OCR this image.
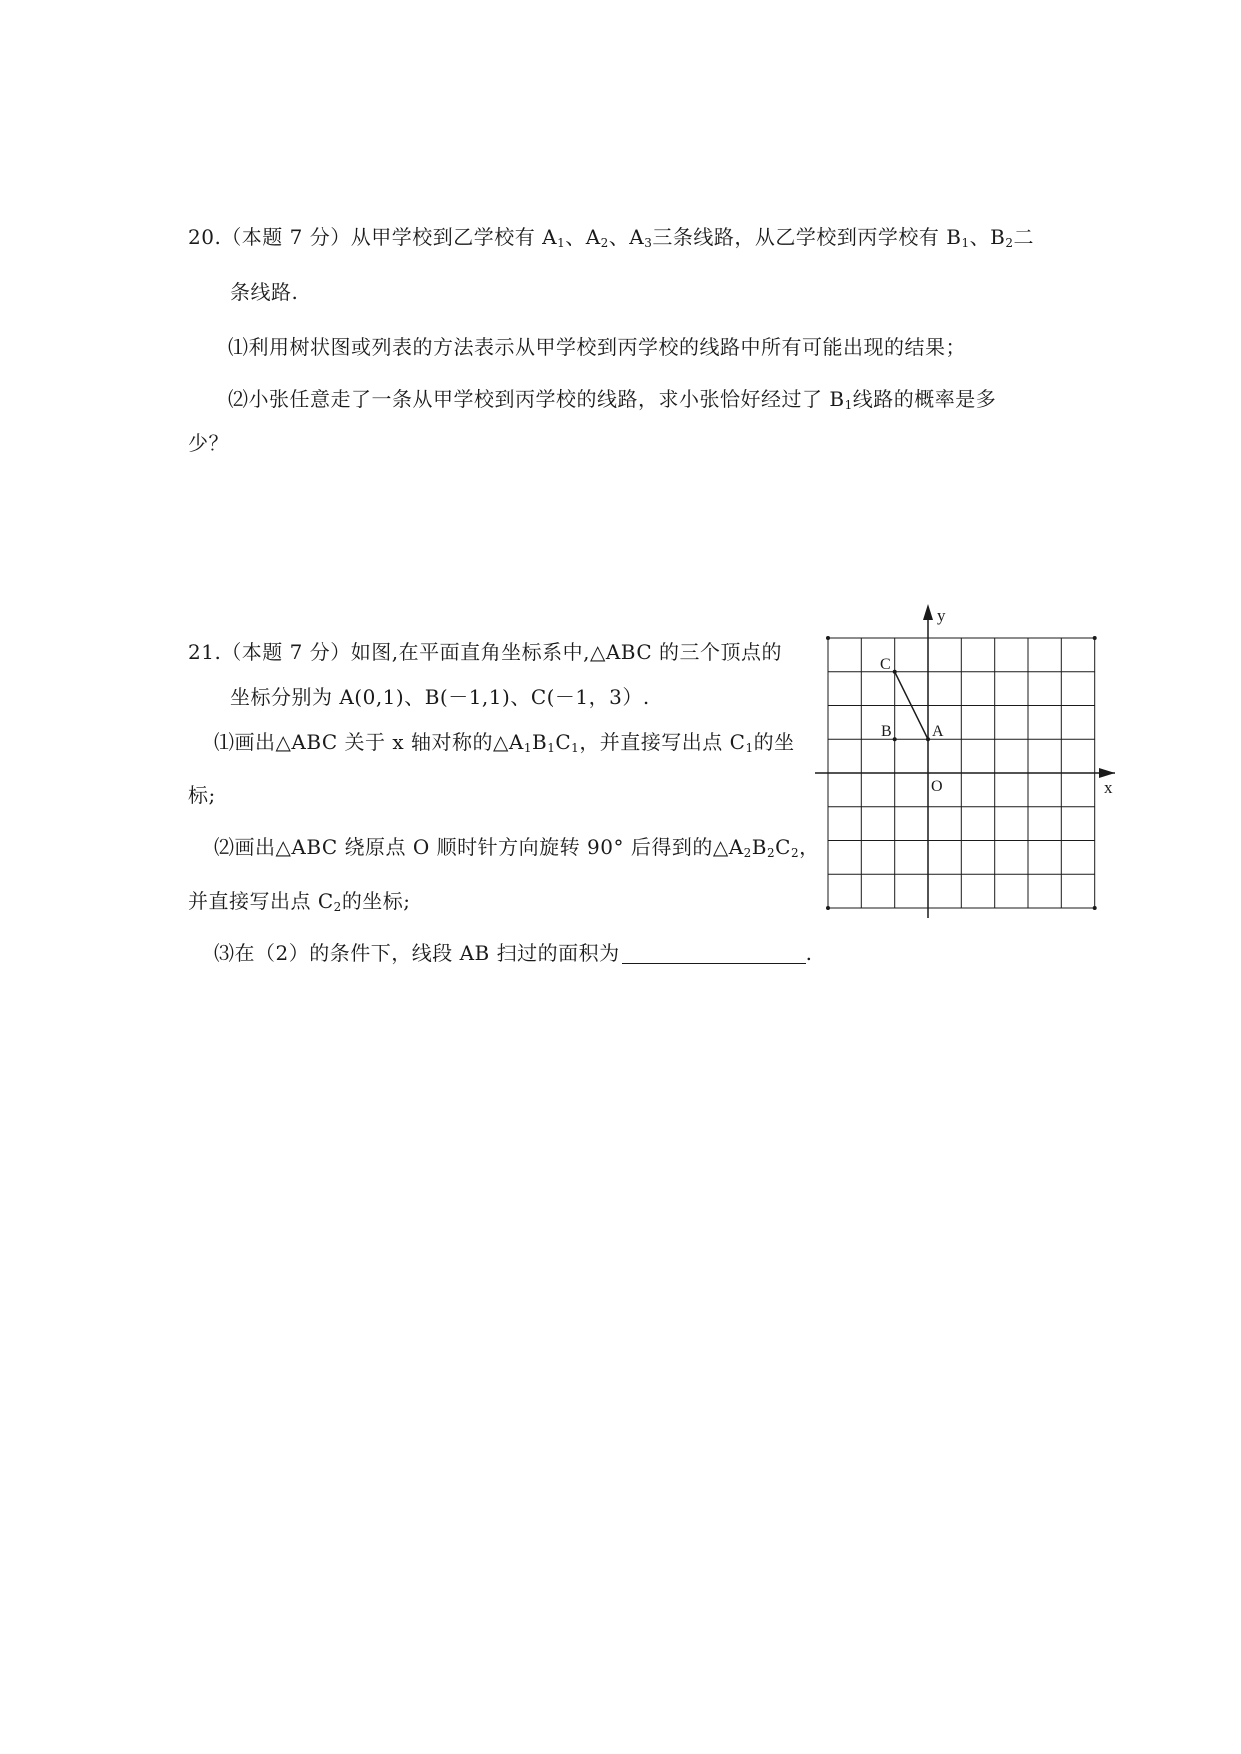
20.（本题 7 分）从甲学校到乙学校有 $A_1$、$A_2$、$A_3$三条线路，从乙学校到丙学校有 $B_1$、$B_2$二
条线路.
⑴利用树状图或列表的方法表示从甲学校到丙学校的线路中所有可能出现的结果；
⑵小张任意走了一条从甲学校到丙学校的线路，求小张恰好经过了 $B_1$线路的概率是多
少？
21.（本题 7 分）如图,在平面直角坐标系中,△ABC 的三个顶点的
坐标分别为 A(0,1)、B(－1,1)、C(－1，3）.
⑴画出△ABC 关于 x 轴对称的$\triangle A_1B_1C_1$，并直接写出点 $C_1$的坐
标;
⑵画出△ABC 绕原点 O 顺时针方向旋转 90° 后得到的$\triangle A_2B_2C_2$，
并直接写出点 $C_2$的坐标;
⑶在（2）的条件下，线段 AB 扫过的面积为	.
y
x
O
A
B
C
